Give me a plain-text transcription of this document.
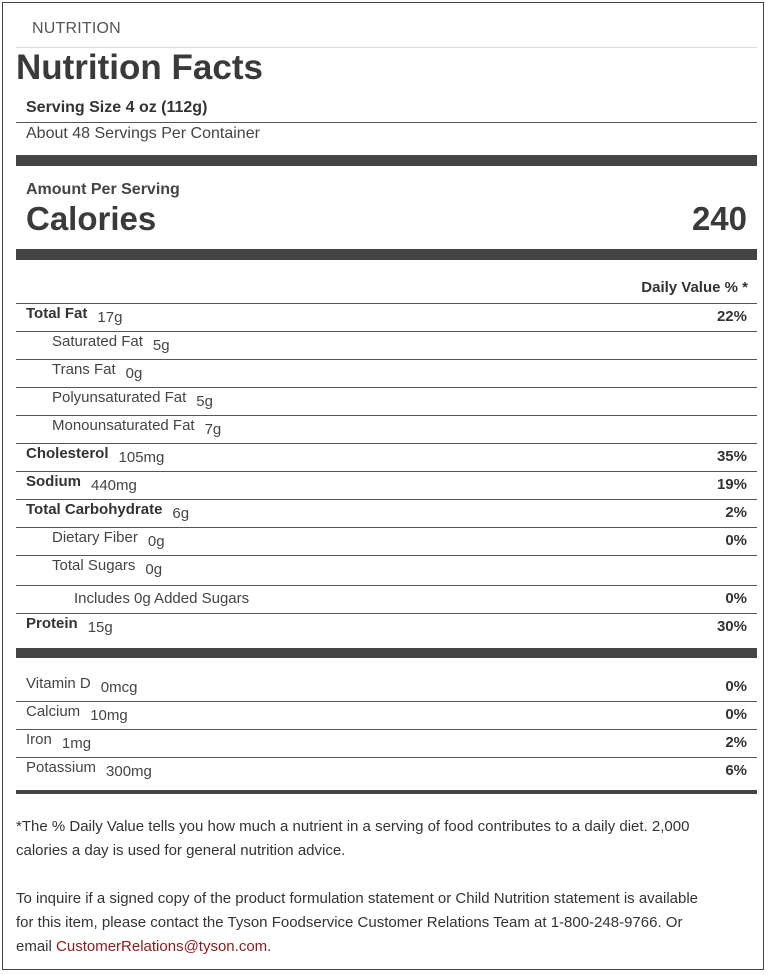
NUTRITION
Nutrition Facts
Serving Size 4 oz (112g)
About 48 Servings Per Container
Amount Per Serving
Calories	240
Daily Value % *
Total Fat 17g	22%
Saturated Fat 5g
Trans Fat 0g
Polyunsaturated Fat 5g
Monounsaturated Fat 7g
Cholesterol 105mg	35%
Sodium 440mg	19%
Total Carbohydrate 6g	2%
Dietary Fiber 0g	0%
Total Sugars 0g
Includes 0g Added Sugars	0%
Protein 15g	30%
Vitamin D 0mcg	0%
Calcium 10mg	0%
Iron 1mg	2%
Potassium 300mg	6%
*The % Daily Value tells you how much a nutrient in a serving of food contributes to a daily diet. 2,000
calories a day is used for general nutrition advice.
To inquire if a signed copy of the product formulation statement or Child Nutrition statement is available
for this item, please contact the Tyson Foodservice Customer Relations Team at 1-800-248-9766. Or
email CustomerRelations@tyson.com.
